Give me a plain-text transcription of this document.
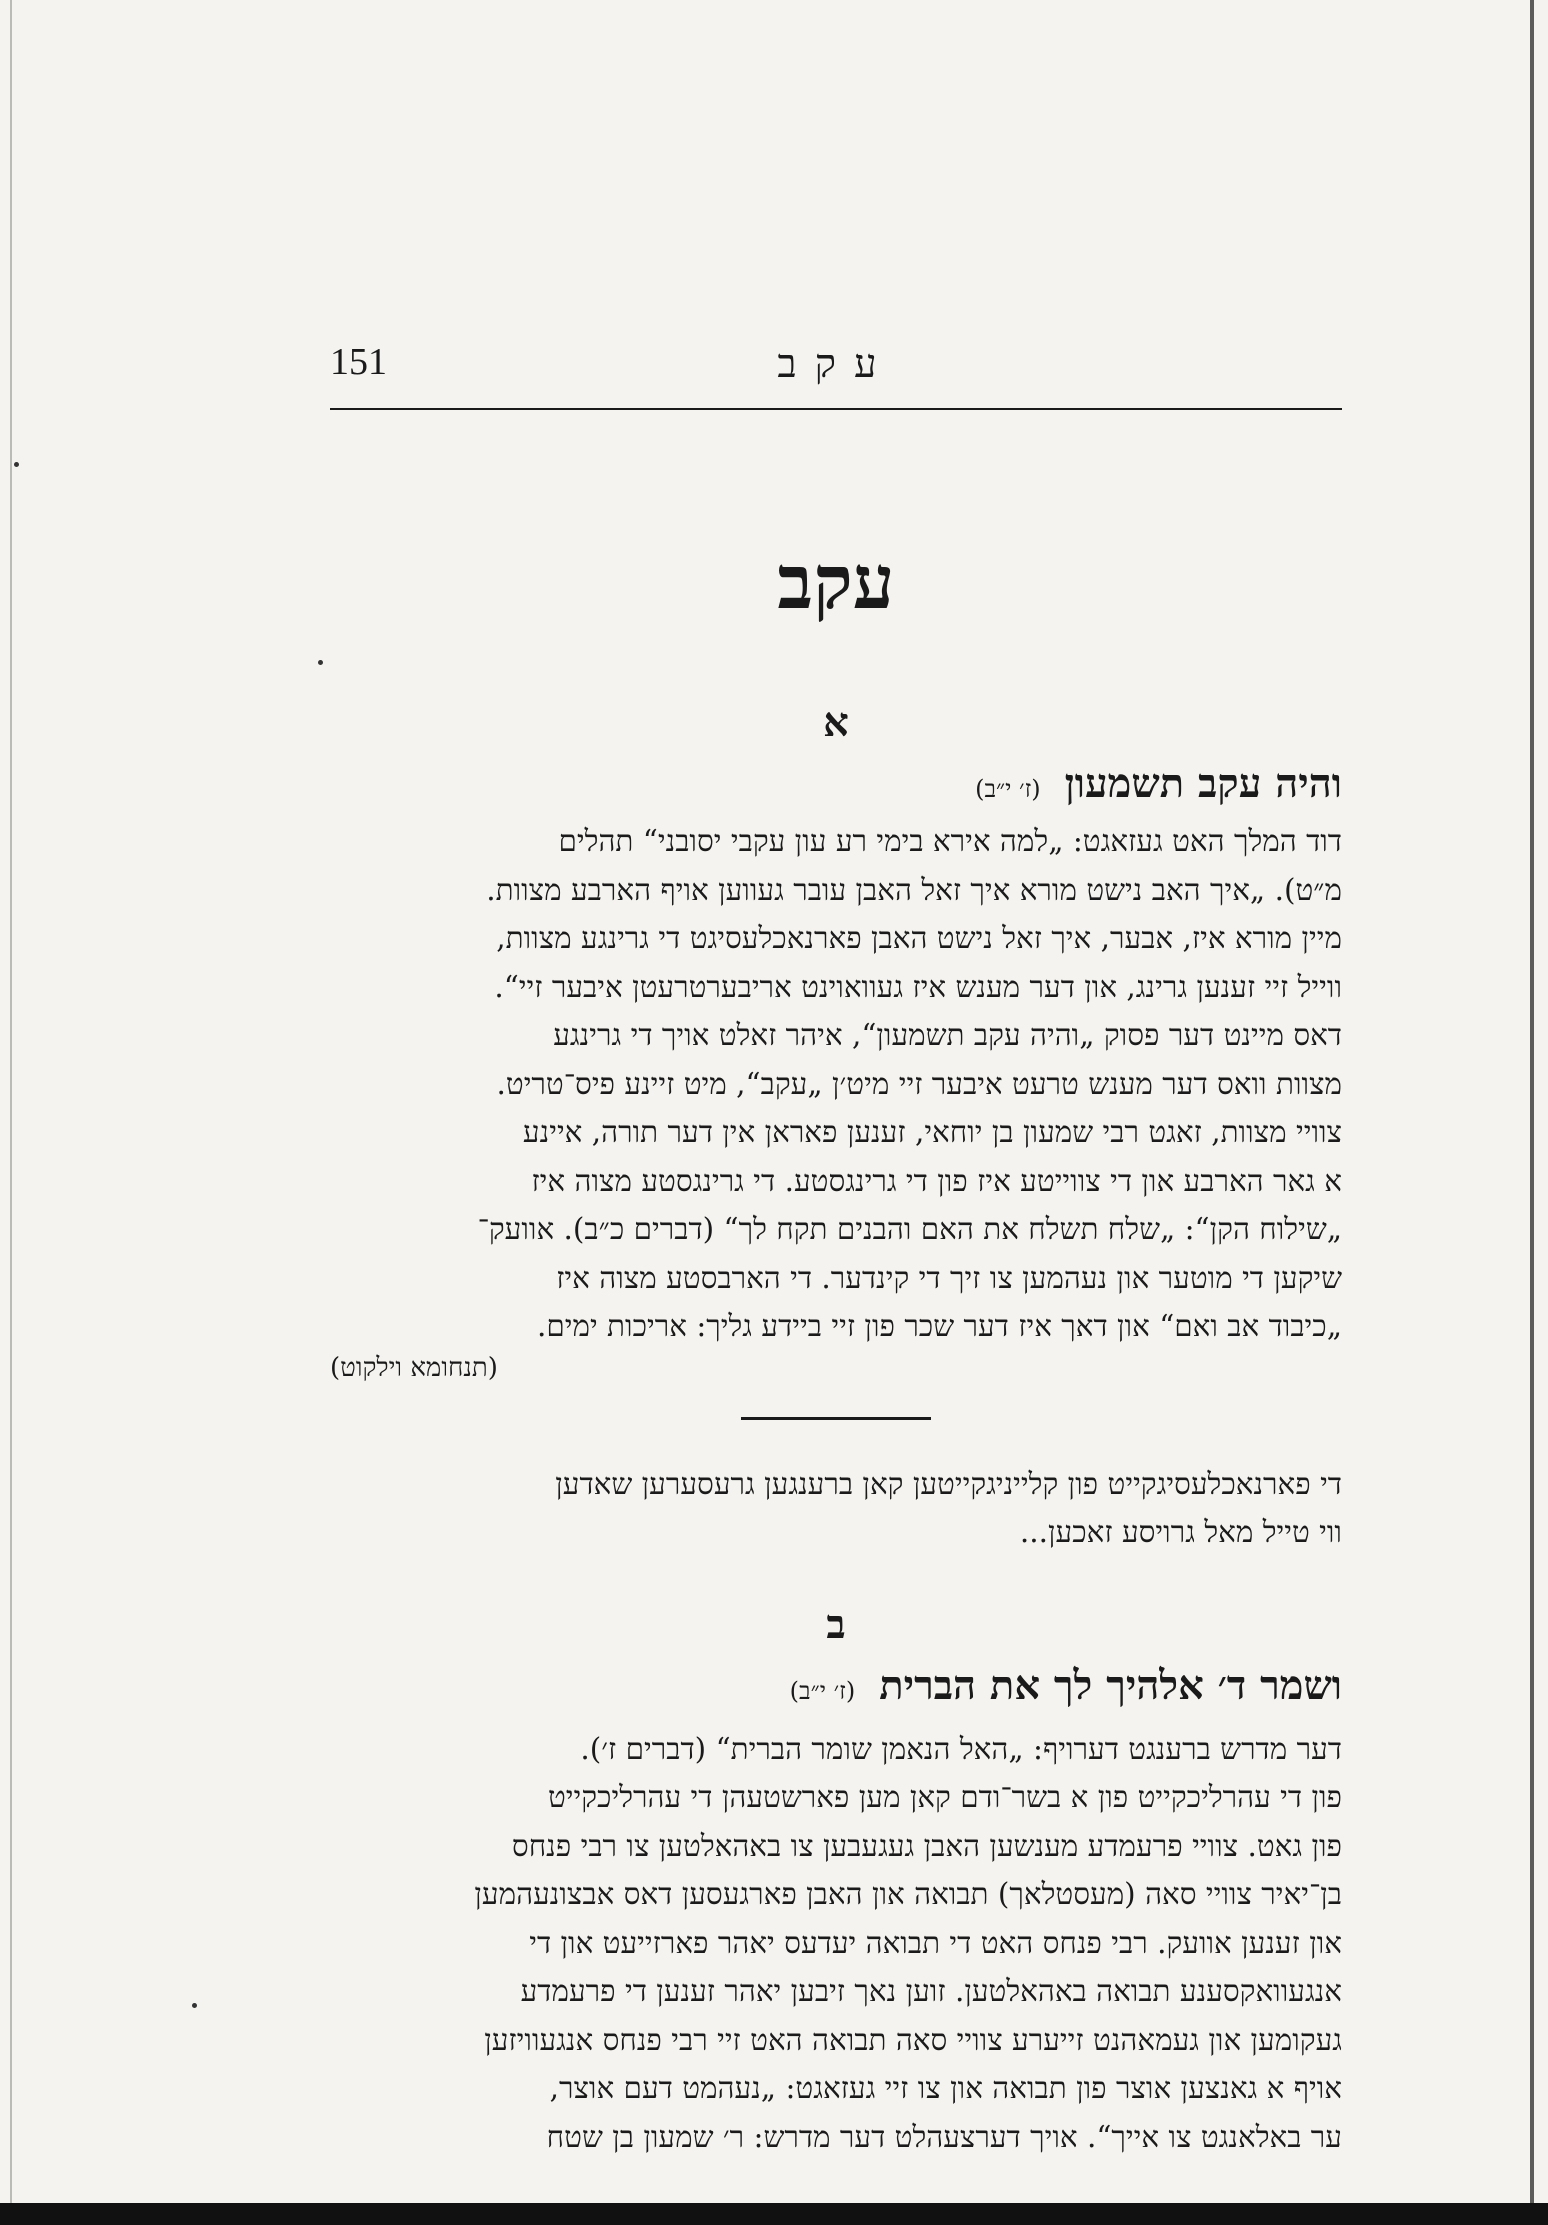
151	עקב
עקב
א
והיה עקב תשמעון (ז׳ י״ב)

דוד המלך האט געזאגט: „למה אירא בימי רע עון עקבי יסובני“ תהלים

מ״ט). „איך האב נישט מורא איך זאל האבן עובר געווען אויף הארבע מצוות.

מיין מורא איז, אבער, איך זאל נישט האבן פארנאכלעסיגט די גרינגע מצוות,

ווייל זיי זענען גרינג, און דער מענש איז געוואוינט אריבערטרעטן איבער זיי“.

דאס מיינט דער פסוק „והיה עקב תשמעון“, איהר זאלט אויך די גרינגע

מצוות וואס דער מענש טרעט איבער זיי מיט׳ן „עקב“, מיט זיינע פיס־טריט.

צוויי מצוות, זאגט רבי שמעון בן יוחאי, זענען פאראן אין דער תורה, איינע

א גאר הארבע און די צווייטע איז פון די גרינגסטע. די גרינגסטע מצוה איז

„שילוח הקן“: „שלח תשלח את האם והבנים תקח לך“ (דברים כ״ב). אוועק־

שיקען די מוטער און נעהמען צו זיך די קינדער. די הארבסטע מצוה איז

„כיבוד אב ואם“ און דאך איז דער שכר פון זיי ביידע גליך: אריכות ימים.

(תנחומא וילקוט)

די פארנאכלעסיגקייט פון קלייניגקייטען קאן ברענגען גרעסערען שאדען

ווי טייל מאל גרויסע זאכען...

ב
ושמר ד׳ אלהיך לך את הברית (ז׳ י״ב)

דער מדרש ברענגט דערויף: „האל הנאמן שומר הברית“ (דברים ז׳).

פון די עהרליכקייט פון א בשר־ודם קאן מען פארשטעהן די עהרליכקייט

פון גאט. צוויי פרעמדע מענשען האבן געגעבען צו באהאלטען צו רבי פנחס

בן־יאיר צוויי סאה (מעסטלאך) תבואה און האבן פארגעסען דאס אבצונעהמען

און זענען אוועק. רבי פנחס האט די תבואה יעדעס יאהר פארזייעט און די

אנגעוואקסענע תבואה באהאלטען. זוען נאך זיבען יאהר זענען די פרעמדע

געקומען און געמאהנט זייערע צוויי סאה תבואה האט זיי רבי פנחס אנגעוויזען

אויף א גאנצען אוצר פון תבואה און צו זיי געזאגט: „נעהמט דעם אוצר,

ער באלאנגט צו אייך“. אויך דערצעהלט דער מדרש: ר׳ שמעון בן שטח
